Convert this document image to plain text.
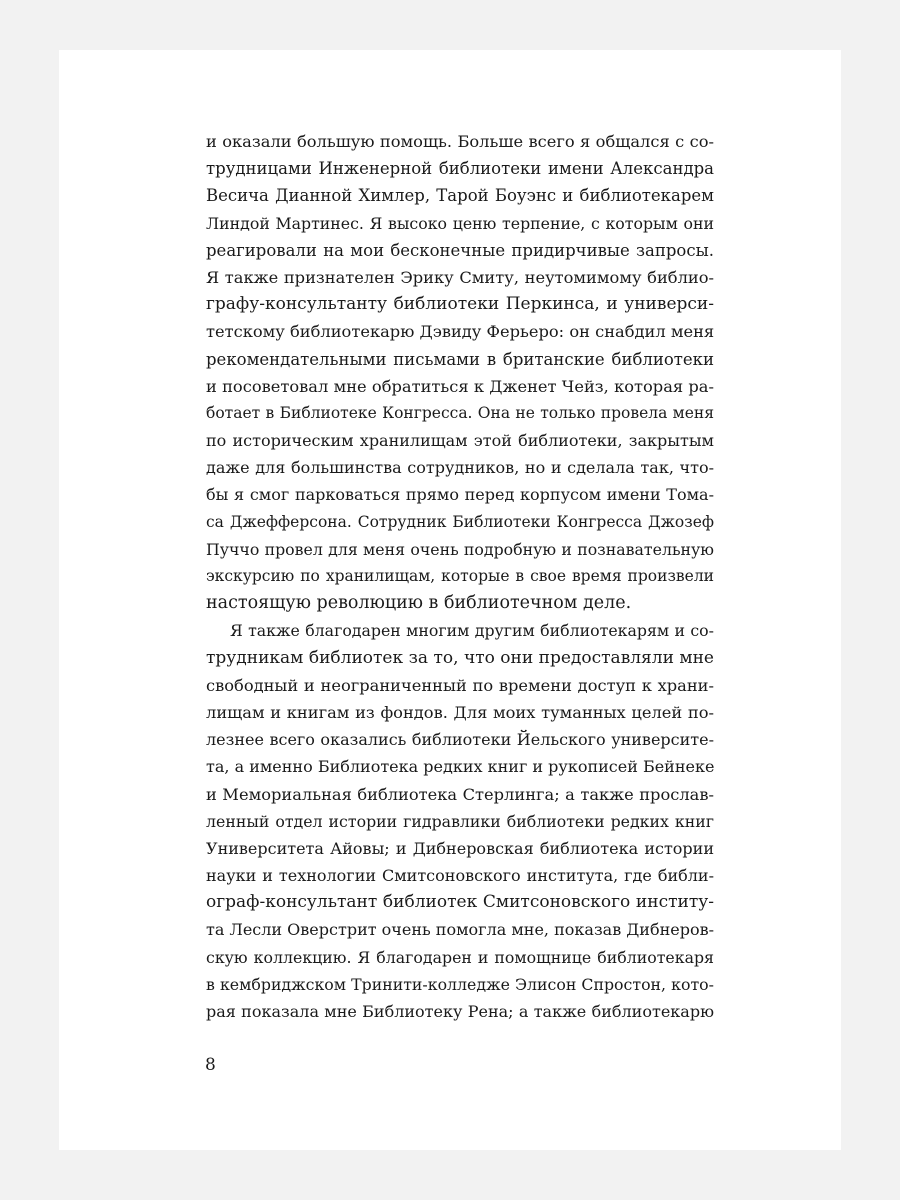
и оказали большую помощь. Больше всего я общался с со-
трудницами Инженерной библиотеки имени Александра
Весича Дианной Химлер, Тарой Боуэнс и библиотекарем
Линдой Мартинес. Я высоко ценю терпение, с которым они
реагировали на мои бесконечные придирчивые запросы.
Я также признателен Эрику Смиту, неутомимому библио-
графу-консультанту библиотеки Перкинса, и универси-
тетскому библиотекарю Дэвиду Ферьеро: он снабдил меня
рекомендательными письмами в британские библиотеки
и посоветовал мне обратиться к Дженет Чейз, которая ра-
ботает в Библиотеке Конгресса. Она не только провела меня
по историческим хранилищам этой библиотеки, закрытым
даже для большинства сотрудников, но и сделала так, что-
бы я смог парковаться прямо перед корпусом имени Тома-
са Джефферсона. Сотрудник Библиотеки Конгресса Джозеф
Пуччо провел для меня очень подробную и познавательную
экскурсию по хранилищам, которые в свое время произвели
настоящую революцию в библиотечном деле.
Я также благодарен многим другим библиотекарям и со-
трудникам библиотек за то, что они предоставляли мне
свободный и неограниченный по времени доступ к храни-
лищам и книгам из фондов. Для моих туманных целей по-
лезнее всего оказались библиотеки Йельского университе-
та, а именно Библиотека редких книг и рукописей Бейнеке
и Мемориальная библиотека Стерлинга; а также прослав-
ленный отдел истории гидравлики библиотеки редких книг
Университета Айовы; и Дибнеровская библиотека истории
науки и технологии Смитсоновского института, где библи-
ограф-консультант библиотек Смитсоновского институ-
та Лесли Оверстрит очень помогла мне, показав Дибнеров-
скую коллекцию. Я благодарен и помощнице библиотекаря
в кембриджском Тринити-колледже Элисон Спростон, кото-
рая показала мне Библиотеку Рена; а также библиотекарю
8
